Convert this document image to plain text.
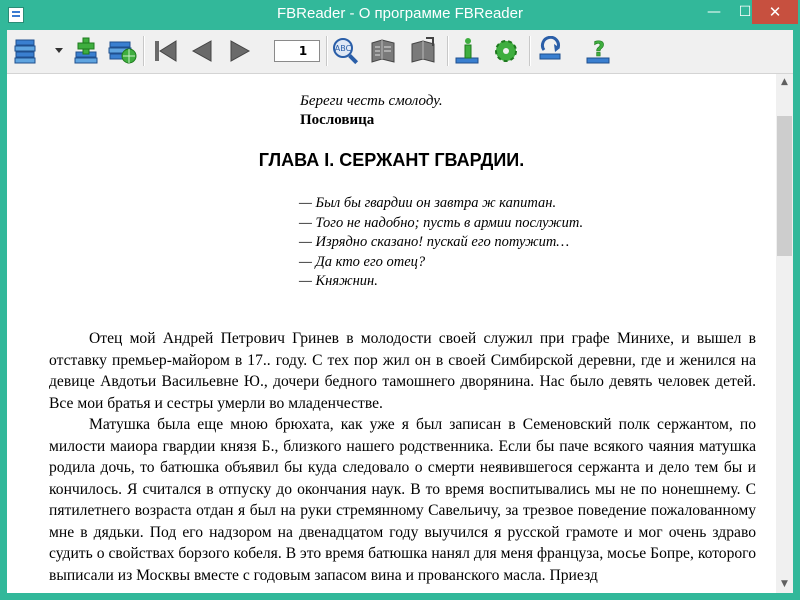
FBReader - О программе FBReader	—	☐	✕
1
ABC	?
Береги честь смолоду.
Пословица
ГЛАВА I. СЕРЖАНТ ГВАРДИИ.
— Был бы гвардии он завтра ж капитан.
— Того не надобно; пусть в армии послужит.
— Изрядно сказано! пускай его потужит…
— Да кто его отец?
— Княжнин.

Отец мой Андрей Петрович Гринев в молодости своей служил при графе Минихе, и вышел в отставку премьер-майором в 17.. году. С тех пор жил он в своей Симбирской деревни, где и женился на девице Авдотьи Васильевне Ю., дочери бедного тамошнего дворянина. Нас было девять человек детей. Все мои братья и сестры умерли во младенчестве.

Матушка была еще мною брюхата, как уже я был записан в Семеновский полк сержантом, по милости маиора гвардии князя Б., близкого нашего родственника. Если бы паче всякого чаяния матушка родила дочь, то батюшка объявил бы куда следовало о смерти неявившегося сержанта и дело тем бы и кончилось. Я считался в отпуску до окончания наук. В то время воспитывались мы не по нонешнему. С пятилетнего возраста отдан я был на руки стремянному Савельичу, за трезвое поведение пожалованному мне в дядьки. Под его надзором на двенадцатом году выучился я русской грамоте и мог очень здраво судить о свойствах борзого кобеля. В это время батюшка нанял для меня француза, мосье Бопре, которого выписали из Москвы вместе с годовым запасом вина и прованского масла. Приезд

▲
▼
